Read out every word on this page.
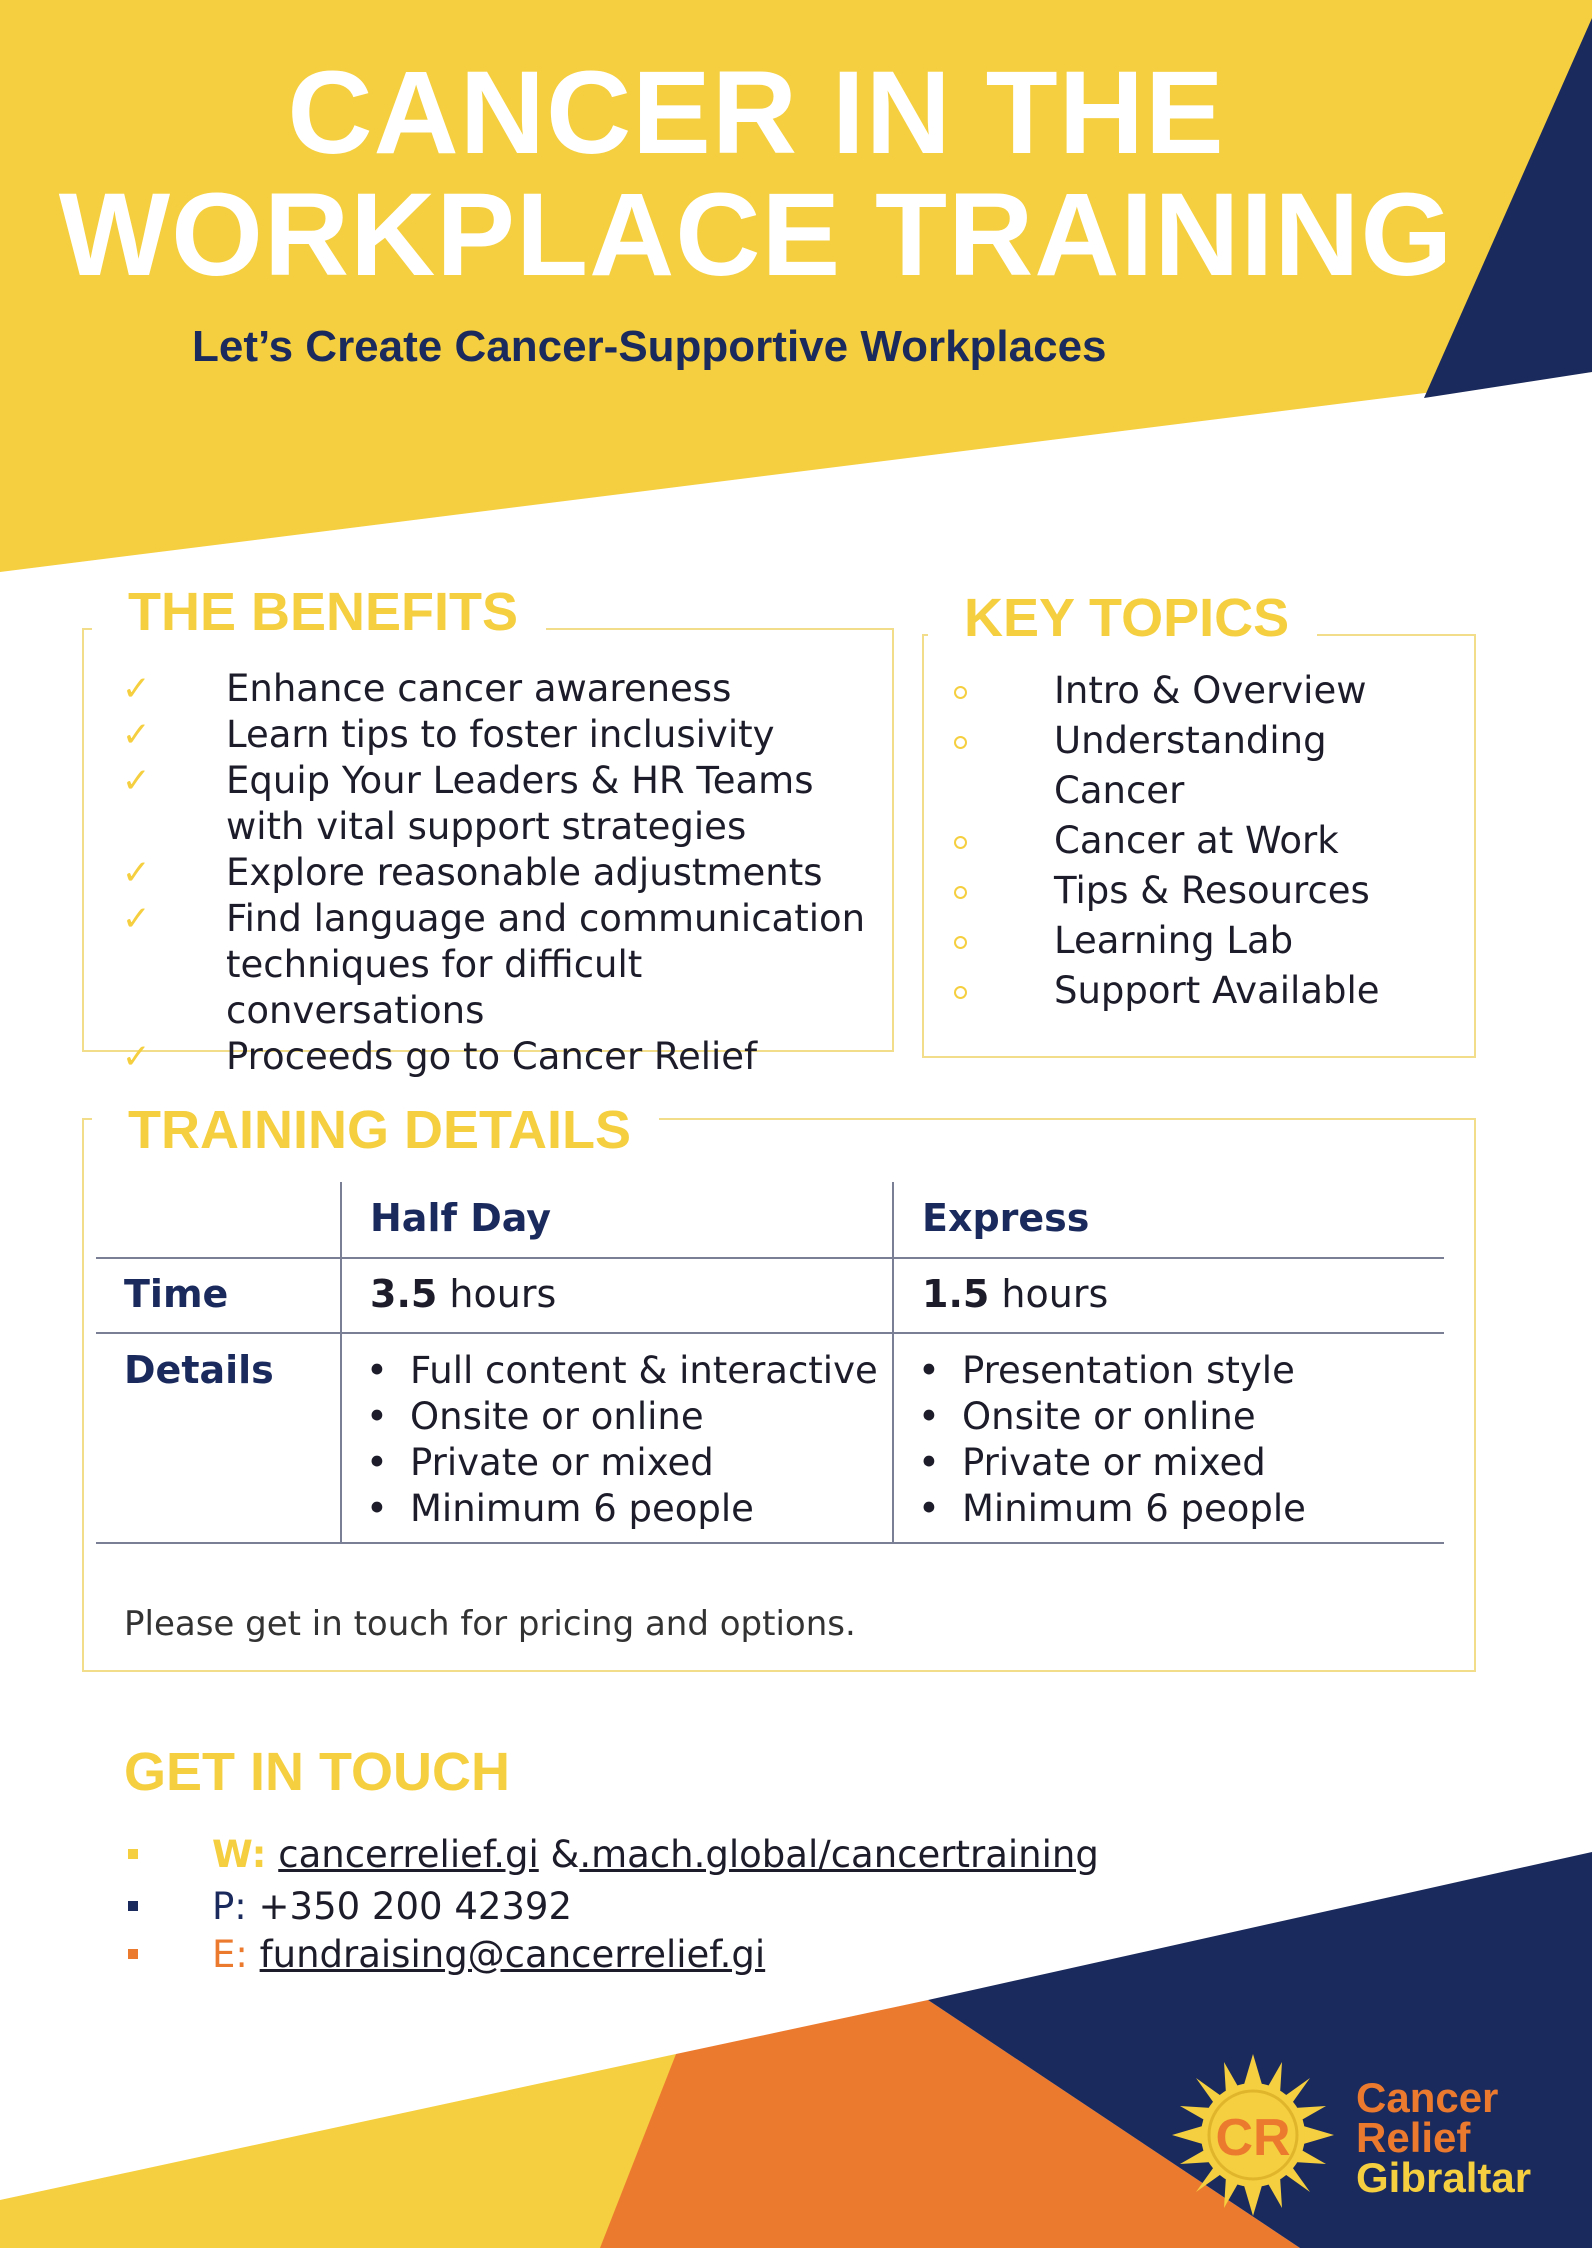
CANCER IN THE
WORKPLACE TRAINING
Let’s Create Cancer-Supportive Workplaces
THE BENEFITS
✓ Enhance cancer awareness
✓ Learn tips to foster inclusivity
✓ Equip Your Leaders & HR Teams with vital support strategies
✓ Explore reasonable adjustments
✓ Find language and communication techniques for difficult conversations
✓ Proceeds go to Cancer Relief
KEY TOPICS
Intro & Overview
Understanding Cancer
Cancer at Work
Tips & Resources
Learning Lab
Support Available
TRAINING DETAILS
Half Day	Express
Time	3.5 hours	1.5 hours
Details
•	Full content & interactive
• Onsite or online
• Private or mixed
• Minimum 6 people
• Presentation style
• Onsite or online
• Private or mixed
• Minimum 6 people
Please get in touch for pricing and options.
GET IN TOUCH
W: cancerrelief.gi &.mach.global/cancertraining
P: +350 200 42392
E: fundraising@cancerrelief.gi
CR
Cancer
Relief
Gibraltar
